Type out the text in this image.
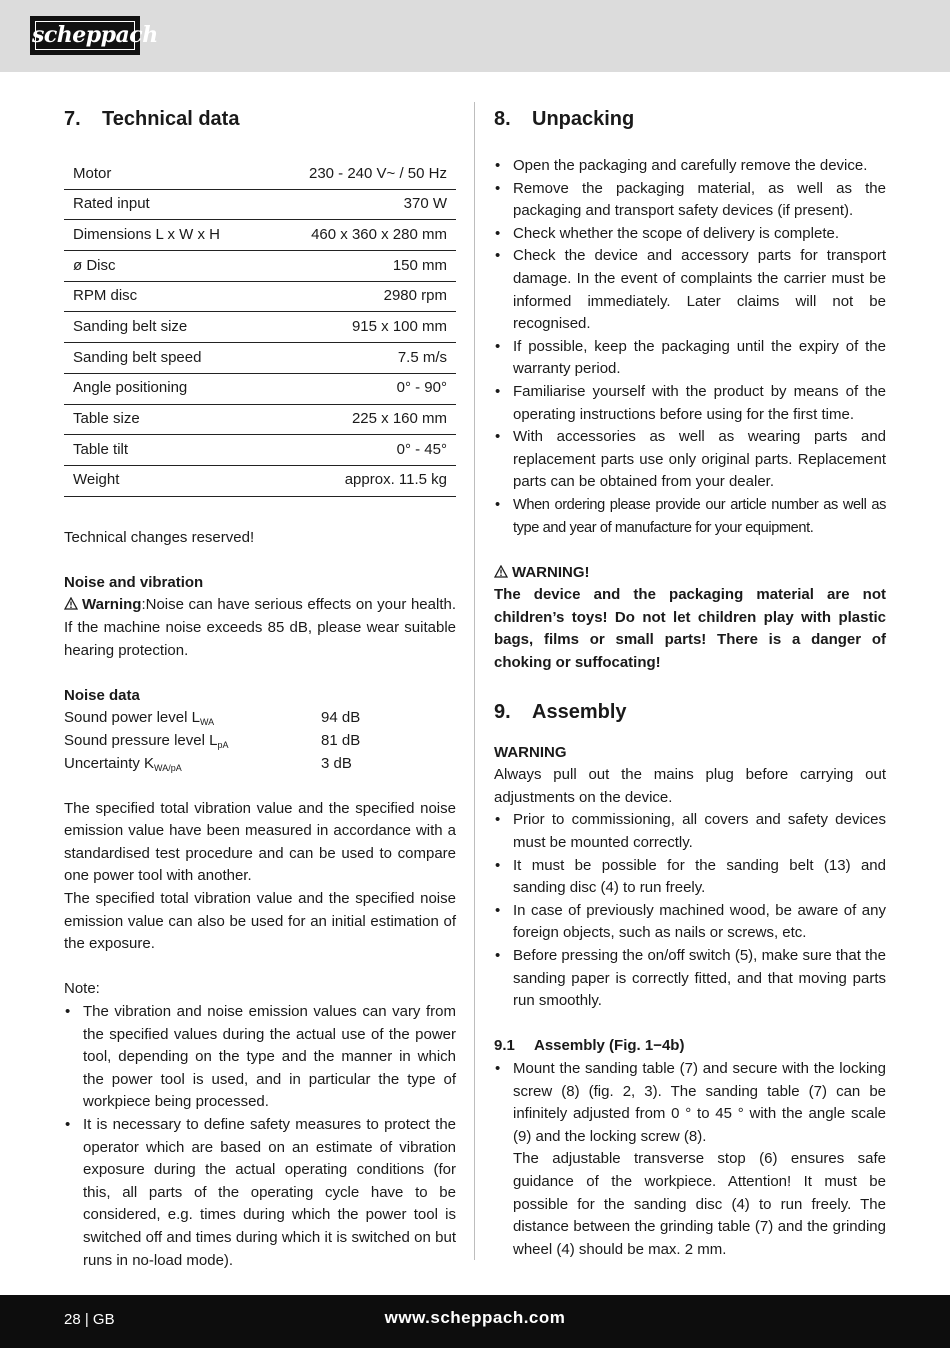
scheppach
7. Technical data
Motor	230 - 240 V~ / 50 Hz
Rated input	370 W
Dimensions L x W x H	460 x 360 x 280 mm
ø Disc	150 mm
RPM disc	2980 rpm
Sanding belt size	915 x 100 mm
Sanding belt speed	7.5 m/s
Angle positioning	0° - 90°
Table size	225 x 160 mm
Table tilt	0° - 45°
Weight	approx. 11.5 kg

Technical changes reserved!

Noise and vibration

Warning:Noise can have serious effects on your health. If the machine noise exceeds 85 dB, please wear suitable hearing protection.

Noise data

Sound power level $L_{WA}$	94 dB
Sound pressure level $L_{pA}$	81 dB
Uncertainty $K_{WA/pA}$	3 dB

The specified total vibration value and the specified noise emission value have been measured in accordance with a standardised test procedure and can be used to compare one power tool with another.

The specified total vibration value and the specified noise emission value can also be used for an initial estimation of the exposure.

Note:

• The vibration and noise emission values can vary from the specified values during the actual use of the power tool, depending on the type and the manner in which the power tool is used, and in particular the type of workpiece being processed.
• It is necessary to define safety measures to protect the operator which are based on an estimate of vibration exposure during the actual operating conditions (for this, all parts of the operating cycle have to be considered, e.g. times during which the power tool is switched off and times during which it is switched on but runs in no-load mode).
8. Unpacking
• Open the packaging and carefully remove the device.
• Remove the packaging material, as well as the packaging and transport safety devices (if present).
• Check whether the scope of delivery is complete.
• Check the device and accessory parts for transport damage. In the event of complaints the carrier must be informed immediately. Later claims will not be recognised.
• If possible, keep the packaging until the expiry of the warranty period.
• Familiarise yourself with the product by means of the operating instructions before using for the first time.
• With accessories as well as wearing parts and replacement parts use only original parts. Replacement parts can be obtained from your dealer.
• When ordering please provide our article number as well as type and year of manufacture for your equipment.

WARNING!

The device and the packaging material are not children’s toys! Do not let children play with plastic bags, films or small parts! There is a danger of choking or suffocating!

9. Assembly

WARNING

Always pull out the mains plug before carrying out adjustments on the device.

• Prior to commissioning, all covers and safety devices must be mounted correctly.
• It must be possible for the sanding belt (13) and sanding disc (4) to run freely.
• In case of previously machined wood, be aware of any foreign objects, such as nails or screws, etc.
• Before pressing the on/off switch (5), make sure that the sanding paper is correctly fitted, and that moving parts run smoothly.

9.1 Assembly (Fig. 1−4b)

• Mount the sanding table (7) and secure with the locking screw (8) (fig. 2, 3). The sanding table (7) can be infinitely adjusted from 0 ° to 45 ° with the angle scale (9) and the locking screw (8).
The adjustable transverse stop (6) ensures safe guidance of the workpiece. Attention! It must be possible for the sanding disc (4) to run freely. The distance between the grinding table (7) and the grinding wheel (4) should be max. 2 mm.
28 | GB	www.scheppach.com
